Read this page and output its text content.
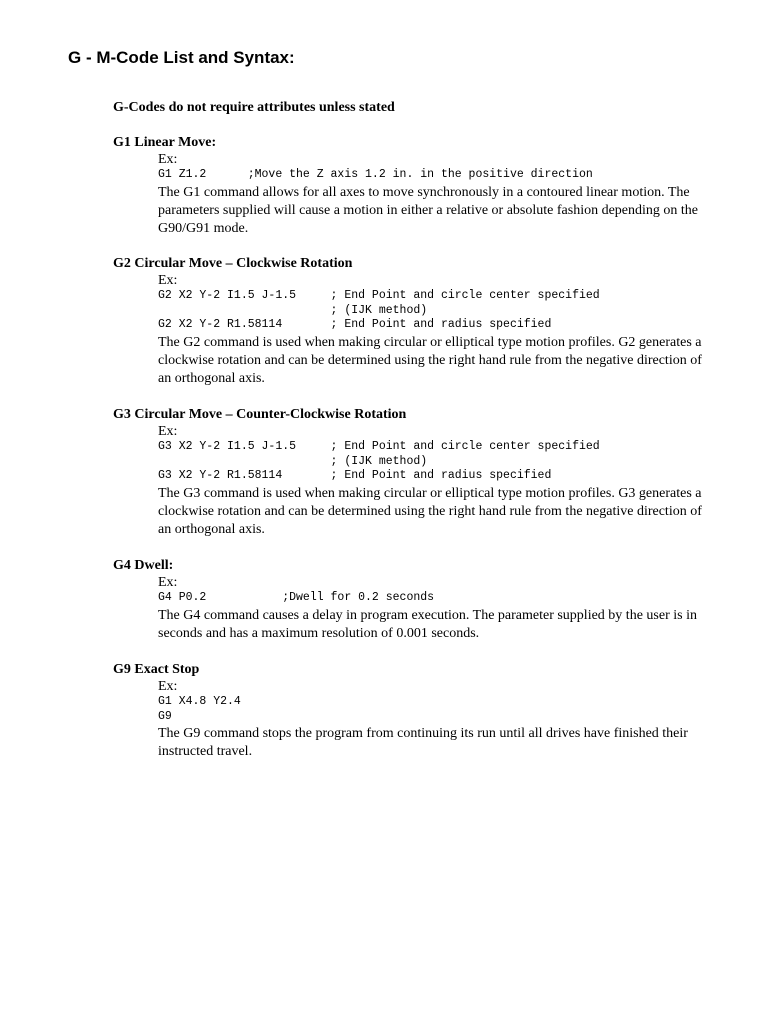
G - M-Code List and Syntax:

G-Codes do not require attributes unless stated

G1 Linear Move:

Ex:

G1 Z1.2      ;Move the Z axis 1.2 in. in the positive direction

The G1 command allows for all axes to move synchronously in a contoured linear motion. The parameters supplied will cause a motion in either a relative or absolute fashion depending on the G90/G91 mode.

G2 Circular Move – Clockwise Rotation

Ex:

G2 X2 Y-2 I1.5 J-1.5     ; End Point and circle center specified
; (IJK method)
G2 X2 Y-2 R1.58114       ; End Point and radius specified

The G2 command is used when making circular or elliptical type motion profiles. G2 generates a clockwise rotation and can be determined using the right hand rule from the negative direction of an orthogonal axis.

G3 Circular Move – Counter-Clockwise Rotation

Ex:

G3 X2 Y-2 I1.5 J-1.5     ; End Point and circle center specified
; (IJK method)
G3 X2 Y-2 R1.58114       ; End Point and radius specified

The G3 command is used when making circular or elliptical type motion profiles. G3 generates a clockwise rotation and can be determined using the right hand rule from the negative direction of an orthogonal axis.

G4 Dwell:

Ex:

G4 P0.2           ;Dwell for 0.2 seconds

The G4 command causes a delay in program execution. The parameter supplied by the user is in seconds and has a maximum resolution of 0.001 seconds.

G9 Exact Stop

Ex:

G1 X4.8 Y2.4
G9

The G9 command stops the program from continuing its run until all drives have finished their instructed travel.
